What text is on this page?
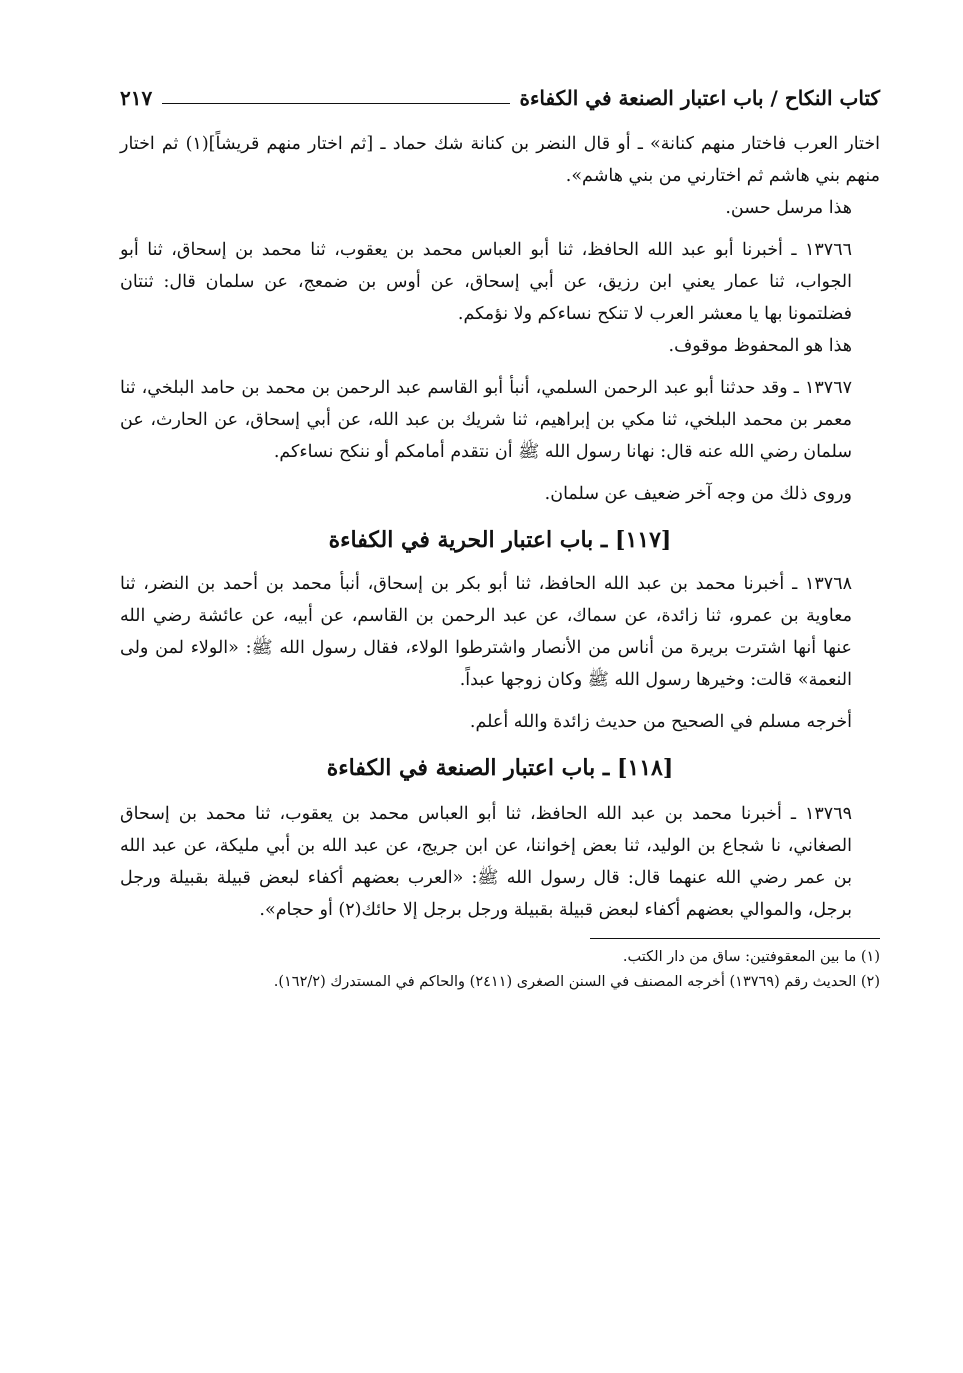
كتاب النكاح / باب اعتبار الصنعة في الكفاءة
٢١٧

اختار العرب فاختار منهم كنانة» ـ أو قال النضر بن كنانة شك حماد ـ [ثم اختار منهم قريشاً](١) ثم اختار منهم بني هاشم ثم اختارني من بني هاشم».

هذا مرسل حسن.

١٣٧٦٦ ـ أخبرنا أبو عبد الله الحافظ، ثنا أبو العباس محمد بن يعقوب، ثنا محمد بن إسحاق، ثنا أبو الجواب، ثنا عمار يعني ابن رزيق، عن أبي إسحاق، عن أوس بن ضمعج، عن سلمان قال: ثنتان فضلتمونا بها يا معشر العرب لا تنكح نساءكم ولا نؤمكم.

هذا هو المحفوظ موقوف.

١٣٧٦٧ ـ وقد حدثنا أبو عبد الرحمن السلمي، أنبأ أبو القاسم عبد الرحمن بن محمد بن حامد البلخي، ثنا معمر بن محمد البلخي، ثنا مكي بن إبراهيم، ثنا شريك بن عبد الله، عن أبي إسحاق، عن الحارث، عن سلمان رضي الله عنه قال: نهانا رسول الله ﷺ أن نتقدم أمامكم أو ننكح نساءكم.

وروى ذلك من وجه آخر ضعيف عن سلمان.

[١١٧] ـ باب اعتبار الحرية في الكفاءة

١٣٧٦٨ ـ أخبرنا محمد بن عبد الله الحافظ، ثنا أبو بكر بن إسحاق، أنبأ محمد بن أحمد بن النضر، ثنا معاوية بن عمرو، ثنا زائدة، عن سماك، عن عبد الرحمن بن القاسم، عن أبيه، عن عائشة رضي الله عنها أنها اشترت بريرة من أناس من الأنصار واشترطوا الولاء، فقال رسول الله ﷺ: «الولاء لمن ولى النعمة» قالت: وخيرها رسول الله ﷺ وكان زوجها عبداً.

أخرجه مسلم في الصحيح من حديث زائدة والله أعلم.

[١١٨] ـ باب اعتبار الصنعة في الكفاءة

١٣٧٦٩ ـ أخبرنا محمد بن عبد الله الحافظ، ثنا أبو العباس محمد بن يعقوب، ثنا محمد بن إسحاق الصغاني، نا شجاع بن الوليد، ثنا بعض إخواننا، عن ابن جريج، عن عبد الله بن أبي مليكة، عن عبد الله بن عمر رضي الله عنهما قال: قال رسول الله ﷺ: «العرب بعضهم أكفاء لبعض قبيلة بقبيلة ورجل برجل، والموالي بعضهم أكفاء لبعض قبيلة بقبيلة ورجل برجل إلا حائك(٢) أو حجام».

(١) ما بين المعقوفتين: ساق من دار الكتب.

(٢) الحديث رقم (١٣٧٦٩) أخرجه المصنف في السنن الصغرى (٢٤١١) والحاكم في المستدرك (١٦٢/٢).
